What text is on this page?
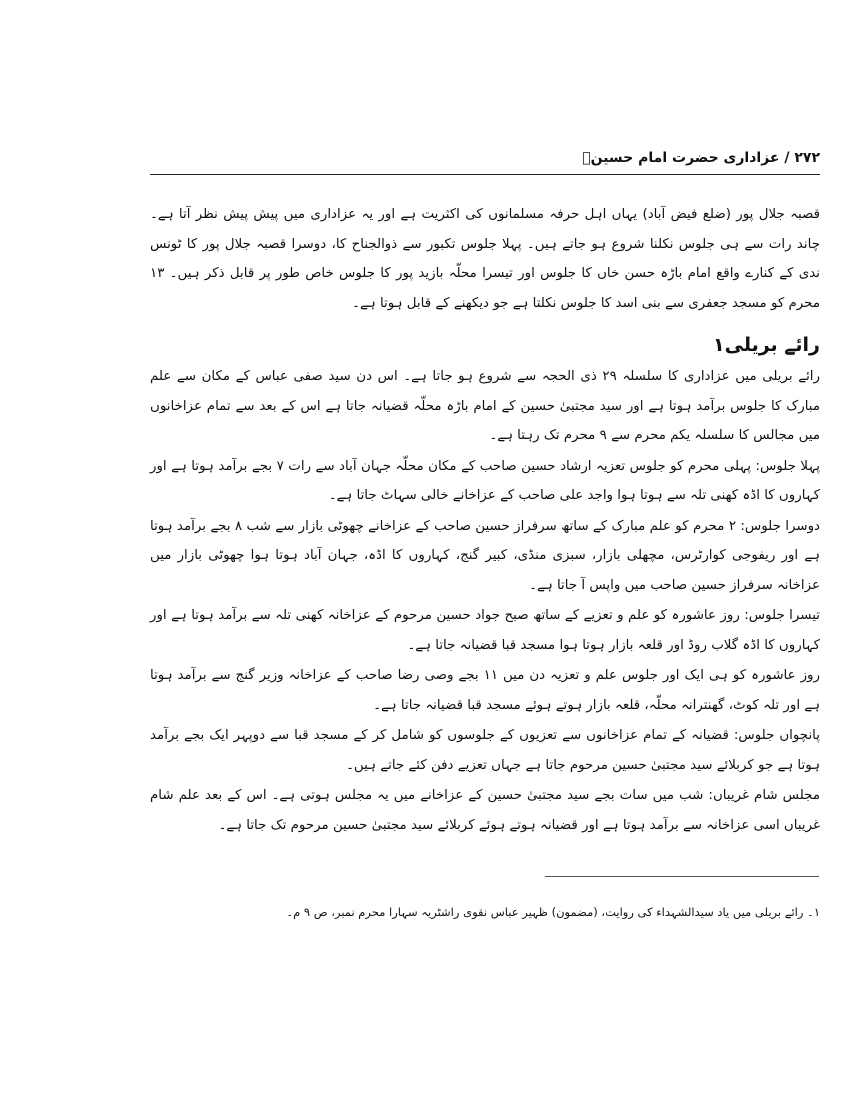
۲۷۲ / عزاداری حضرت امام حسینؑ

قصبہ جلال پور (ضلع فیض آباد) یہاں اہل حرفہ مسلمانوں کی اکثریت ہے اور یہ عزاداری میں پیش پیش نظر آتا ہے۔ چاند رات سے ہی جلوس نکلنا شروع ہو جاتے ہیں۔ پہلا جلوس تکبور سے ذوالجناح کا، دوسرا قصبہ جلال پور کا ٹونس ندی کے کنارے واقع امام باڑہ حسن خاں کا جلوس اور تیسرا محلّہ بازید پور کا جلوس خاص طور پر قابل ذکر ہیں۔ ۱۳ محرم کو مسجد جعفری سے بنی اسد کا جلوس نکلتا ہے جو دیکھنے کے قابل ہوتا ہے۔

رائے بریلی۱

رائے بریلی میں عزاداری کا سلسلہ ۲۹ ذی الحجہ سے شروع ہو جاتا ہے۔ اس دن سید صفی عباس کے مکان سے علم مبارک کا جلوس برآمد ہوتا ہے اور سید مجتبیٰ حسین کے امام باڑہ محلّہ قضیانہ جاتا ہے اس کے بعد سے تمام عزاخانوں میں مجالس کا سلسلہ یکم محرم سے ۹ محرم تک رہتا ہے۔

پہلا جلوس: پہلی محرم کو جلوس تعزیہ ارشاد حسین صاحب کے مکان محلّہ جہان آباد سے رات ۷ بجے برآمد ہوتا ہے اور کہاروں کا اڈہ کھنی تلہ سے ہوتا ہوا واجد علی صاحب کے عزاخانے خالی سہاٹ جاتا ہے۔

دوسرا جلوس: ۲ محرم کو علم مبارک کے ساتھ سرفراز حسین صاحب کے عزاخانے چھوٹی بازار سے شب ۸ بجے برآمد ہوتا ہے اور ریفوجی کوارٹرس، مچھلی بازار، سبزی منڈی، کبیر گنج، کہاروں کا اڈہ، جہان آباد ہوتا ہوا چھوٹی بازار میں عزاخانہ سرفراز حسین صاحب میں واپس آ جاتا ہے۔

تیسرا جلوس: روز عاشورہ کو علم و تعزیے کے ساتھ صبح جواد حسین مرحوم کے عزاخانہ کھنی تلہ سے برآمد ہوتا ہے اور کہاروں کا اڈہ گلاب روڈ اور قلعہ بازار ہوتا ہوا مسجد قبا قضیانہ جاتا ہے۔

روز عاشورہ کو ہی ایک اور جلوس علم و تعزیہ دن میں ۱۱ بجے وصی رضا صاحب کے عزاخانہ وزیر گنج سے برآمد ہوتا ہے اور تلہ کوٹ، گھنترانہ محلّہ، قلعہ بازار ہوتے ہوئے مسجد قبا قضیانہ جاتا ہے۔

پانچواں جلوس: قضیانہ کے تمام عزاخانوں سے تعزیوں کے جلوسوں کو شامل کر کے مسجد قبا سے دوپہر ایک بجے برآمد ہوتا ہے جو کربلائے سید مجتبیٰ حسین مرحوم جاتا ہے جہاں تعزیے دفن کئے جاتے ہیں۔

مجلس شام غریباں: شب میں سات بجے سید مجتبیٰ حسین کے عزاخانے میں یہ مجلس ہوتی ہے۔ اس کے بعد علم شام غریباں اسی عزاخانہ سے برآمد ہوتا ہے اور قضیانہ ہوتے ہوئے کربلائے سید مجتبیٰ حسین مرحوم تک جاتا ہے۔

۱۔ رائے بریلی میں یاد سیدالشہداء کی روایت، (مضمون) ظہیر عباس نقوی راشٹریہ سہارا محرم نمبر، ص ۹ م۔
